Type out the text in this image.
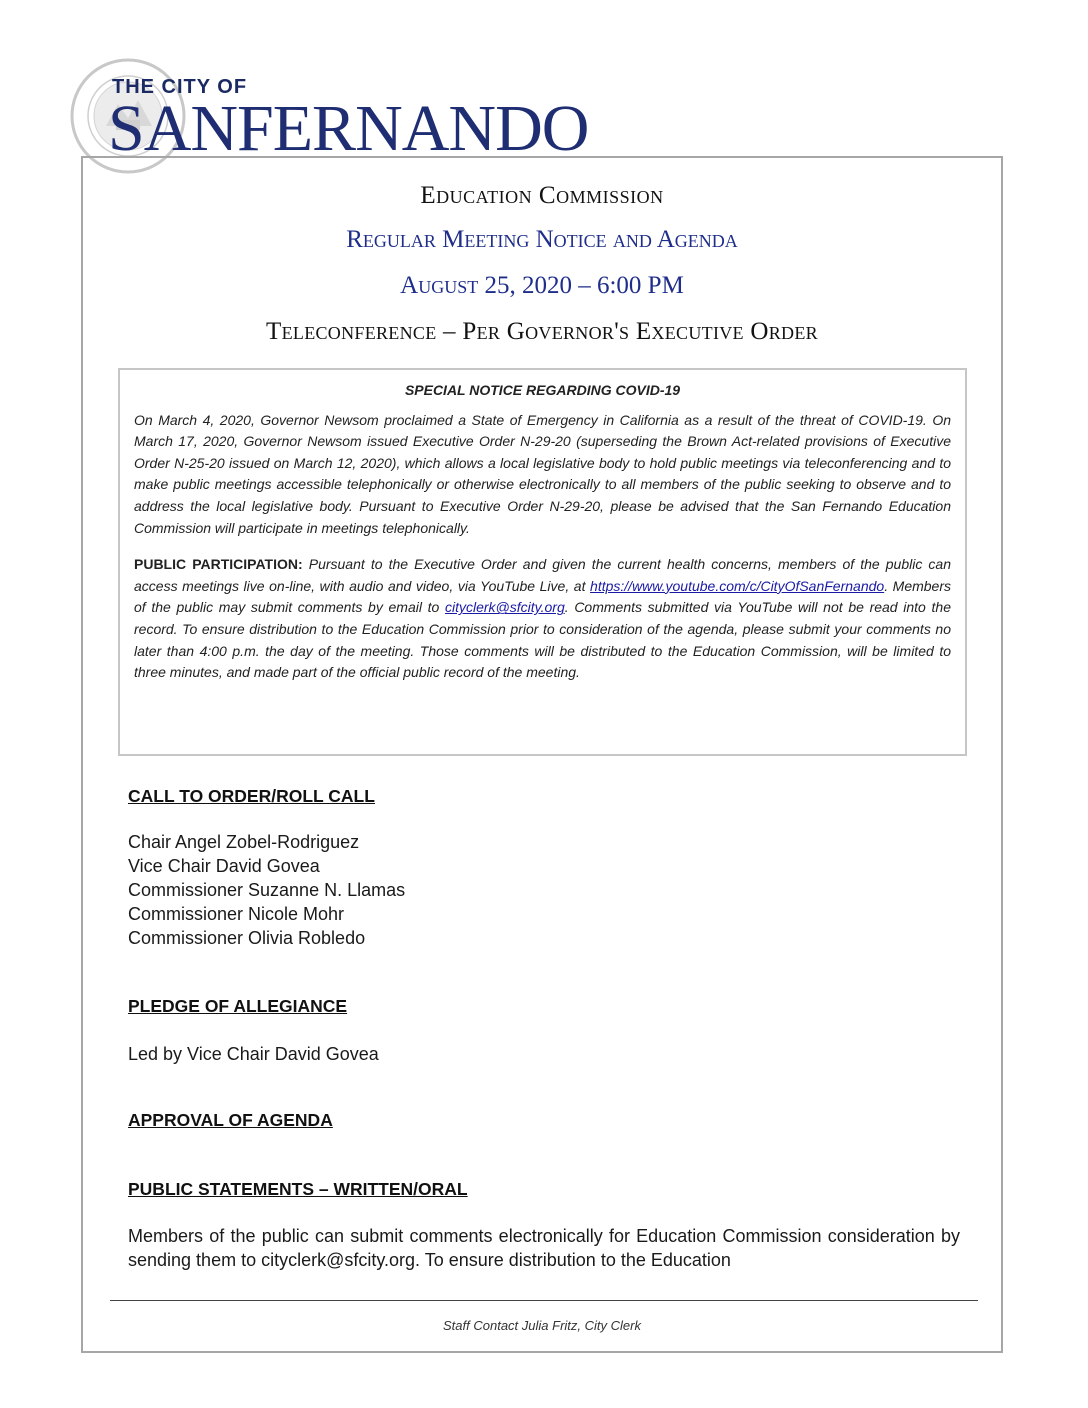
THE CITY OF
SANFERNANDO
Education Commission
Regular Meeting Notice and Agenda
August 25, 2020 – 6:00 PM
Teleconference – Per Governor's Executive Order
SPECIAL NOTICE REGARDING COVID-19

On March 4, 2020, Governor Newsom proclaimed a State of Emergency in California as a result of the threat of COVID-19. On March 17, 2020, Governor Newsom issued Executive Order N-29-20 (superseding the Brown Act-related provisions of Executive Order N-25-20 issued on March 12, 2020), which allows a local legislative body to hold public meetings via teleconferencing and to make public meetings accessible telephonically or otherwise electronically to all members of the public seeking to observe and to address the local legislative body. Pursuant to Executive Order N-29-20, please be advised that the San Fernando Education Commission will participate in meetings telephonically.

PUBLIC PARTICIPATION: Pursuant to the Executive Order and given the current health concerns, members of the public can access meetings live on-line, with audio and video, via YouTube Live, at https://www.youtube.com/c/CityOfSanFernando. Members of the public may submit comments by email to cityclerk@sfcity.org. Comments submitted via YouTube will not be read into the record. To ensure distribution to the Education Commission prior to consideration of the agenda, please submit your comments no later than 4:00 p.m. the day of the meeting. Those comments will be distributed to the Education Commission, will be limited to three minutes, and made part of the official public record of the meeting.

CALL TO ORDER/ROLL CALL

Chair Angel Zobel-Rodriguez

Vice Chair David Govea

Commissioner Suzanne N. Llamas

Commissioner Nicole Mohr

Commissioner Olivia Robledo

PLEDGE OF ALLEGIANCE
Led by Vice Chair David Govea
APPROVAL OF AGENDA
PUBLIC STATEMENTS – WRITTEN/ORAL
Members of the public can submit comments electronically for Education Commission consideration by sending them to cityclerk@sfcity.org. To ensure distribution to the Education
Staff Contact Julia Fritz, City Clerk
